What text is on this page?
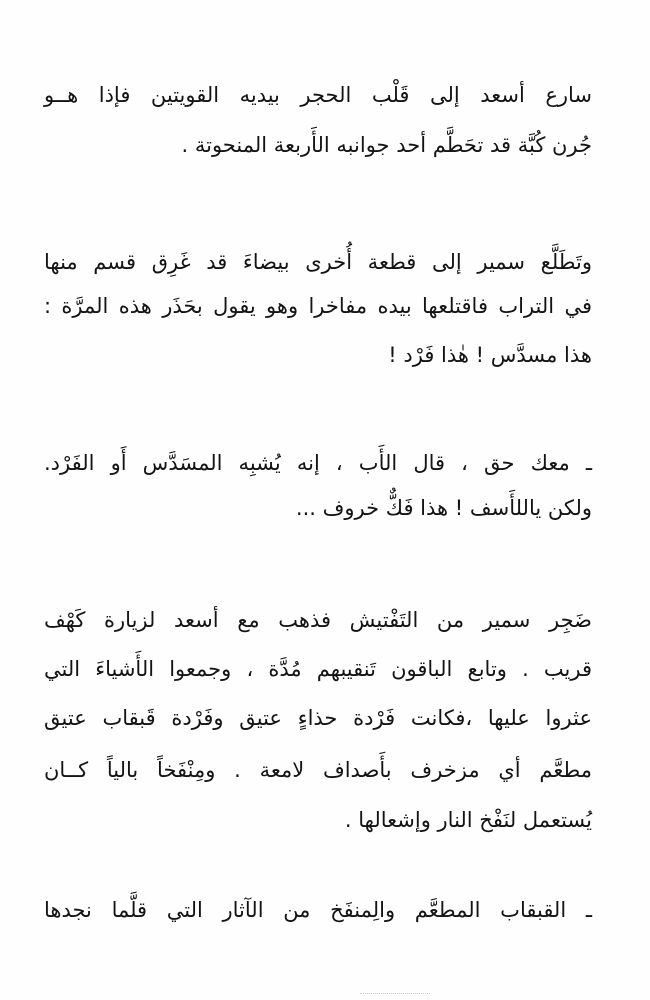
سارع أسعد إلى قَلْب الحجر بيديه القويتين فإذا هــو
جُرن كُبَّة قد تحَطَّم أحد جوانبه الأَربعة المنحوتة .
وتَطَلَّع سمير إلى قطعة أُخرى بيضاءَ قد غَرِق قسم منها
في التراب فاقتلعها بيده مفاخرا وهو يقول بحَذَر هذه المرَّة :
هذا مسدَّس ! هٰذا فَرْد !
ـ معك حق ، قال الأَب ، إنه يُشبِه المسَدَّس أَو الفَرْد.
ولكن ياللأَسف ! هذا فَكٌّ خروف ...
ضَجِر سمير من التَفْتيش فذهب مع أسعد لزيارة كَهْف
قريب . وتابع الباقون تَنقيبهم مُدَّة ، وجمعوا الأَشياءَ التي
عثروا عليها ،فكانت فَرْدة حذاءٍ عتيق وفَرْدة قَبقاب عتيق
مطعَّم أي مزخرف بأَصداف لامعة . ومِنْفَخاً بالياً كــان
يُستعمل لنَفْخ النار وإشعالها .
ـ القبقاب المطعَّم والِمنفَخ من الآثار التي قلَّما نجدها
